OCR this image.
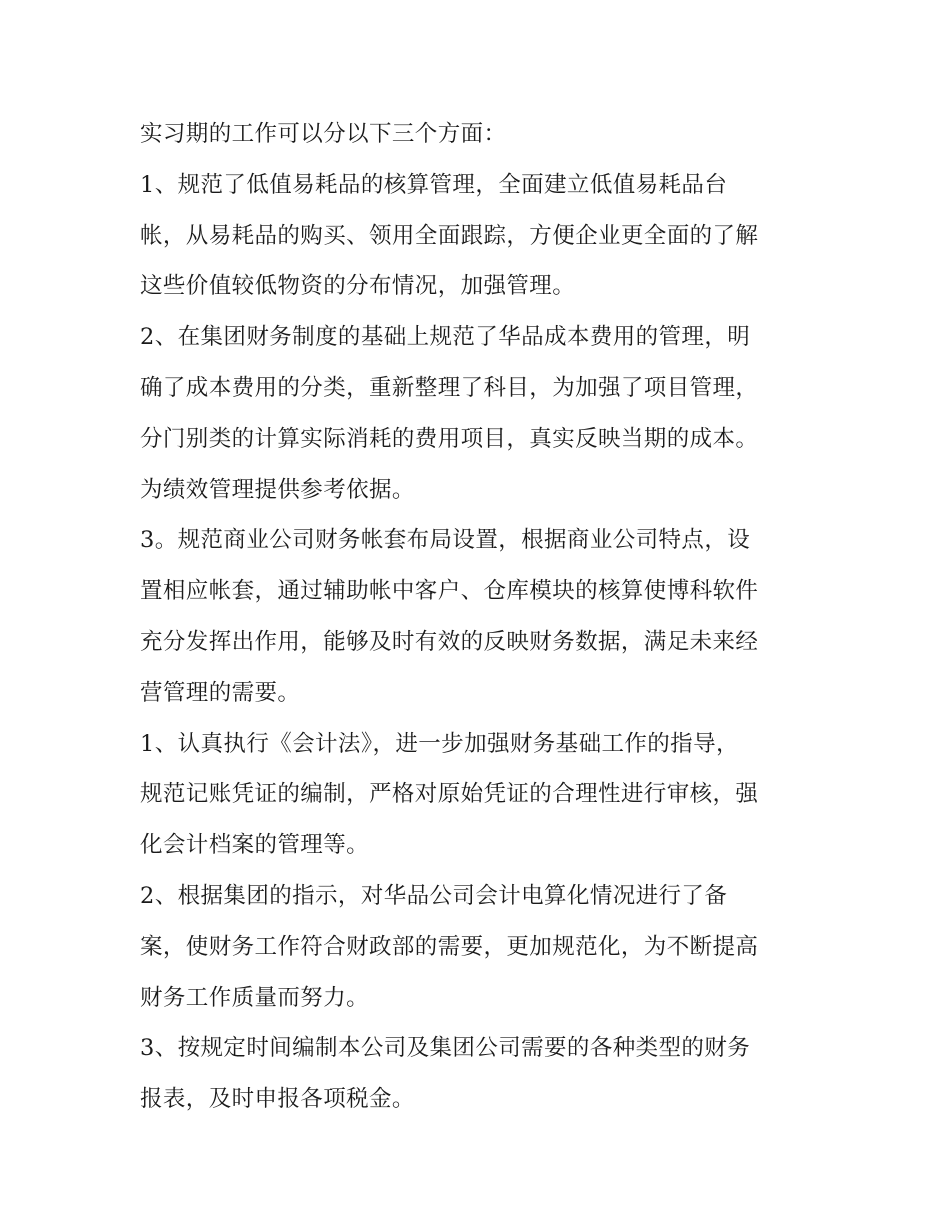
实习期的工作可以分以下三个方面：

1、规范了低值易耗品的核算管理，全面建立低值易耗品台
帐，从易耗品的购买、领用全面跟踪，方便企业更全面的了解
这些价值较低物资的分布情况，加强管理。

2、在集团财务制度的基础上规范了华品成本费用的管理，明
确了成本费用的分类，重新整理了科目，为加强了项目管理，
分门别类的计算实际消耗的费用项目，真实反映当期的成本。
为绩效管理提供参考依据。

3。规范商业公司财务帐套布局设置，根据商业公司特点，设
置相应帐套，通过辅助帐中客户、仓库模块的核算使博科软件
充分发挥出作用，能够及时有效的反映财务数据，满足未来经
营管理的需要。

1、认真执行《会计法》，进一步加强财务基础工作的指导，
规范记账凭证的编制，严格对原始凭证的合理性进行审核，强
化会计档案的管理等。

2、根据集团的指示，对华品公司会计电算化情况进行了备
案，使财务工作符合财政部的需要，更加规范化，为不断提高
财务工作质量而努力。

3、按规定时间编制本公司及集团公司需要的各种类型的财务
报表，及时申报各项税金。
